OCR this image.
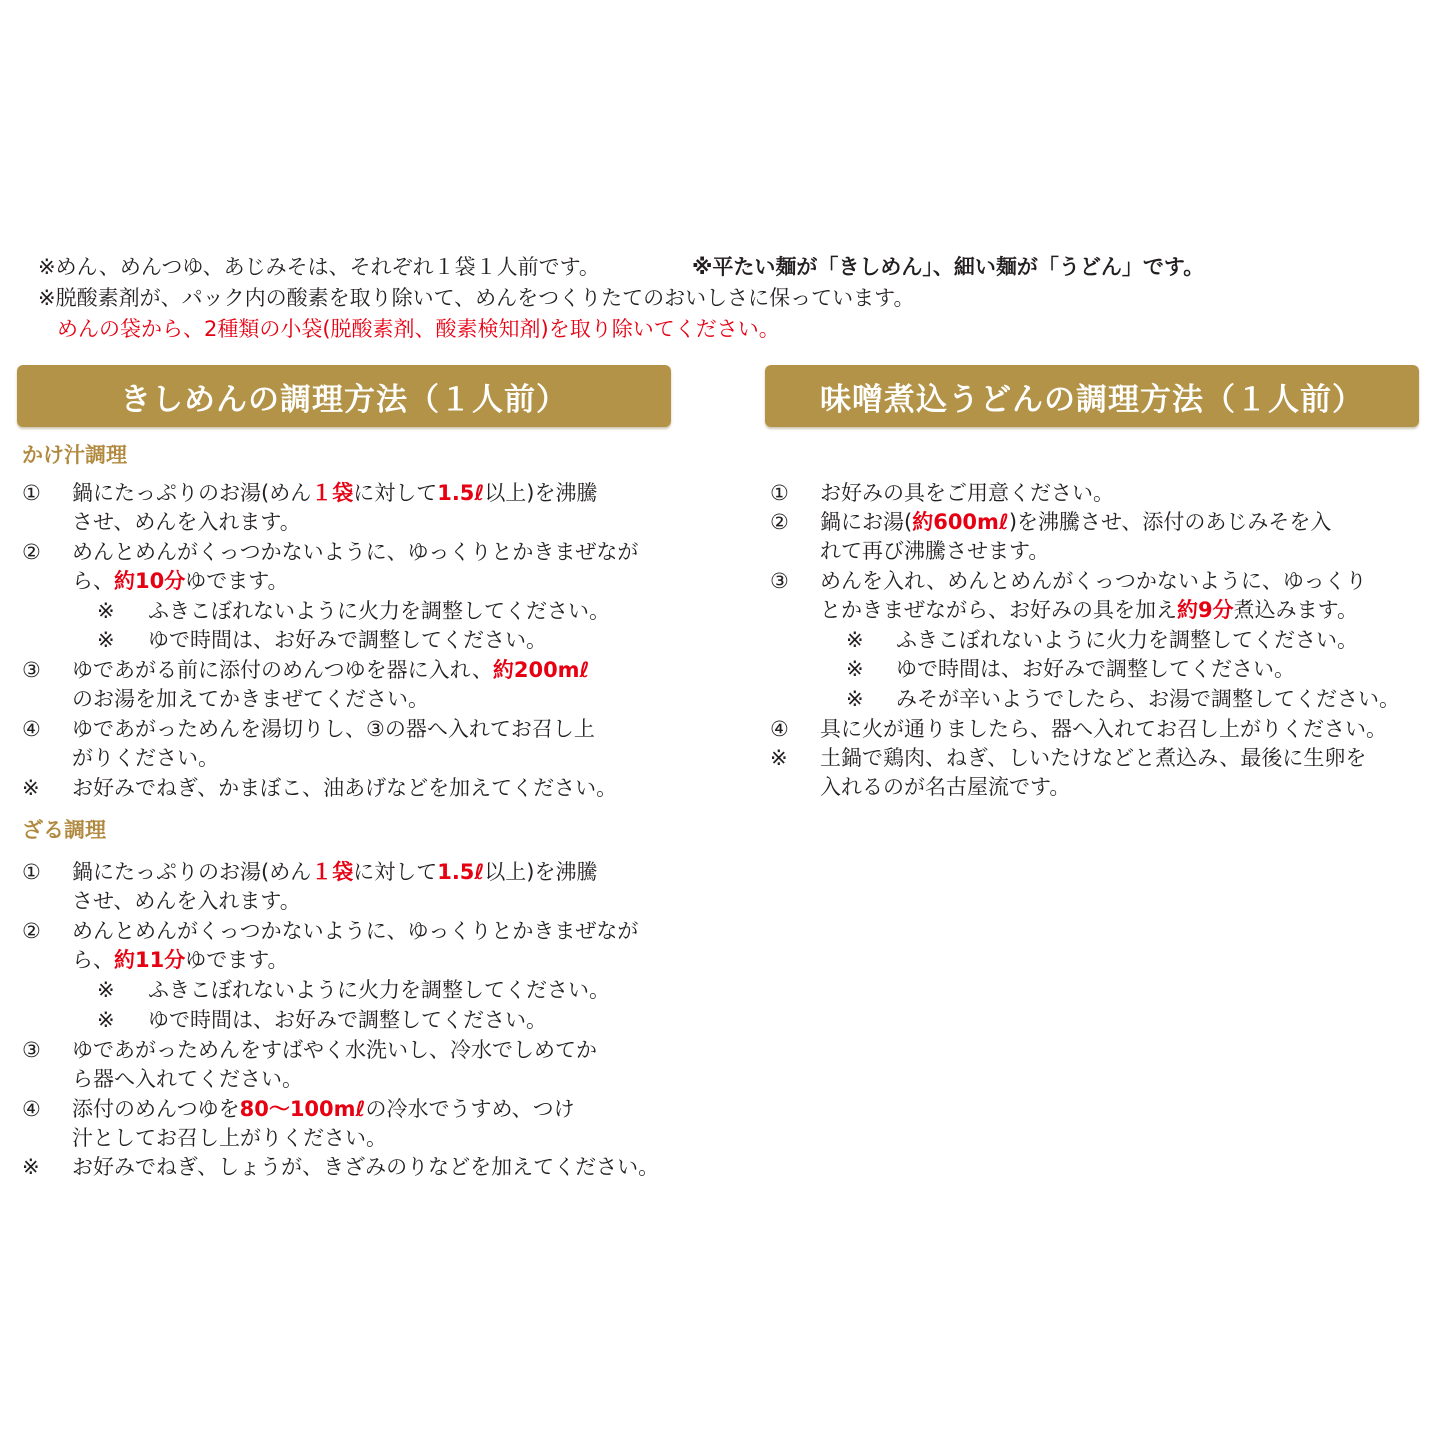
※めん、めんつゆ、あじみそは、それぞれ１袋１人前です。	※平たい麺が「きしめん」、細い麺が「うどん」です。
※脱酸素剤が、パック内の酸素を取り除いて、めんをつくりたてのおいしさに保っています。
めんの袋から、2種類の小袋(脱酸素剤、酸素検知剤)を取り除いてください。
きしめんの調理方法（１人前）	味噌煮込うどんの調理方法（１人前）
かけ汁調理
① 鍋にたっぷりのお湯(めん１袋に対して1.5ℓ以上)を沸騰
させ、めんを入れます。
② めんとめんがくっつかないように、ゆっくりとかきまぜなが
ら、約10分ゆでます。
※ ふきこぼれないように火力を調整してください。
※ ゆで時間は、お好みで調整してください。
③ ゆであがる前に添付のめんつゆを器に入れ、約200mℓ
のお湯を加えてかきまぜてください。
④ ゆであがっためんを湯切りし、③の器へ入れてお召し上
がりください。
※ お好みでねぎ、かまぼこ、油あげなどを加えてください。
ざる調理
① 鍋にたっぷりのお湯(めん１袋に対して1.5ℓ以上)を沸騰
させ、めんを入れます。
② めんとめんがくっつかないように、ゆっくりとかきまぜなが
ら、約11分ゆでます。
※ ふきこぼれないように火力を調整してください。
※ ゆで時間は、お好みで調整してください。
③ ゆであがっためんをすばやく水洗いし、冷水でしめてか
ら器へ入れてください。
④ 添付のめんつゆを80～100mℓの冷水でうすめ、つけ
汁としてお召し上がりください。
※ お好みでねぎ、しょうが、きざみのりなどを加えてください。
① お好みの具をご用意ください。
② 鍋にお湯(約600mℓ)を沸騰させ、添付のあじみそを入
れて再び沸騰させます。
③ めんを入れ、めんとめんがくっつかないように、ゆっくり
とかきまぜながら、お好みの具を加え約9分煮込みます。
※ ふきこぼれないように火力を調整してください。
※ ゆで時間は、お好みで調整してください。
※ みそが辛いようでしたら、お湯で調整してください。
④ 具に火が通りましたら、器へ入れてお召し上がりください。
※ 土鍋で鶏肉、ねぎ、しいたけなどと煮込み、最後に生卵を
入れるのが名古屋流です。
